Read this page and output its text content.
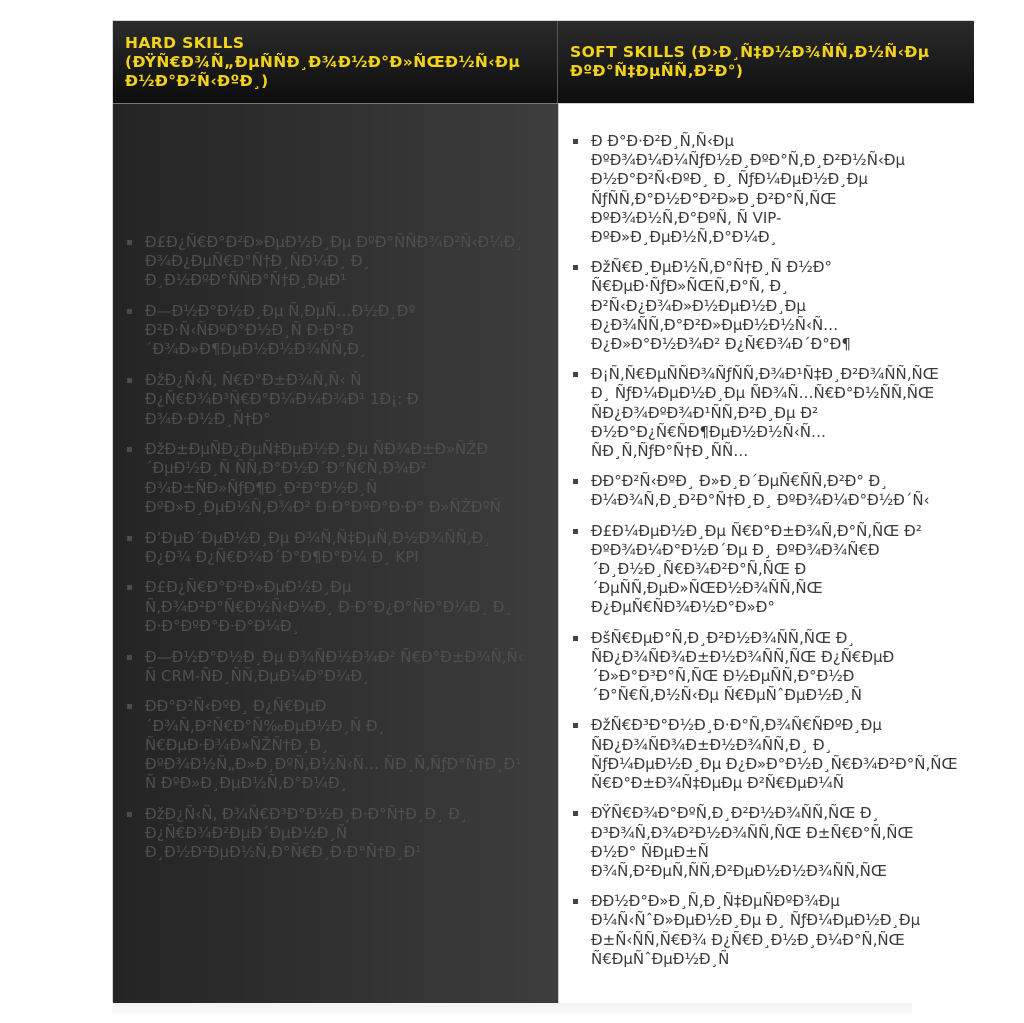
HARD SKILLS (ÐŸÑ€Ð¾Ñ„ÐµÑÑÐ¸Ð¾Ð½Ð°Ð»ÑŒÐ½Ñ‹Ðµ Ð½Ð°Ð²Ñ‹ÐºÐ¸)
SOFT SKILLS (Ð›Ð¸Ñ‡Ð½Ð¾ÑÑ‚Ð½Ñ‹Ðµ ÐºÐ°Ñ‡ÐµÑÑ‚Ð²Ð°)
Ð£Ð¿Ñ€Ð°Ð²Ð»ÐµÐ½Ð¸Ðµ ÐºÐ°ÑÑÐ¾Ð²Ñ‹Ð¼Ð¸ Ð¾Ð¿ÐµÑ€Ð°Ñ†Ð¸ÑÐ¼Ð¸ Ð¸ Ð¸Ð½ÐºÐ°ÑÑÐ°Ñ†Ð¸ÐµÐ¹
Ð—Ð½Ð°Ð½Ð¸Ðµ Ñ‚ÐµÑ…Ð½Ð¸Ðº Ð²Ð·Ñ‹ÑÐºÐ°Ð½Ð¸Ñ Ð·Ð°Ð´Ð¾Ð»Ð¶ÐµÐ½Ð½Ð¾ÑÑ‚Ð¸
ÐžÐ¿Ñ‹Ñ‚ Ñ€Ð°Ð±Ð¾Ñ‚Ñ‹ Ñ Ð¿Ñ€Ð¾Ð³Ñ€Ð°Ð¼Ð¼Ð¾Ð¹ 1Ð¡: Ð Ð¾Ð·Ð½Ð¸Ñ†Ð°
ÐžÐ±ÐµÑÐ¿ÐµÑ‡ÐµÐ½Ð¸Ðµ ÑÐ¾Ð±Ð»ÑŽÐ´ÐµÐ½Ð¸Ñ ÑÑ‚Ð°Ð½Ð´Ð°Ñ€Ñ‚Ð¾Ð² Ð¾Ð±ÑÐ»ÑƒÐ¶Ð¸Ð²Ð°Ð½Ð¸Ñ ÐºÐ»Ð¸ÐµÐ½Ñ‚Ð¾Ð² Ð·Ð°ÐºÐ°Ð·Ð° Ð»ÑŽÐºÑ
Ð’ÐµÐ´ÐµÐ½Ð¸Ðµ Ð¾Ñ‚Ñ‡ÐµÑ‚Ð½Ð¾ÑÑ‚Ð¸ Ð¿Ð¾ Ð¿Ñ€Ð¾Ð´Ð°Ð¶Ð°Ð¼ Ð¸ KPI
Ð£Ð¿Ñ€Ð°Ð²Ð»ÐµÐ½Ð¸Ðµ Ñ‚Ð¾Ð²Ð°Ñ€Ð½Ñ‹Ð¼Ð¸ Ð·Ð°Ð¿Ð°ÑÐ°Ð¼Ð¸ Ð¸ Ð·Ð°ÐºÐ°Ð·Ð°Ð¼Ð¸
Ð—Ð½Ð°Ð½Ð¸Ðµ Ð¾ÑÐ½Ð¾Ð² Ñ€Ð°Ð±Ð¾Ñ‚Ñ‹ Ñ CRM-ÑÐ¸ÑÑ‚ÐµÐ¼Ð°Ð¼Ð¸
ÐÐ°Ð²Ñ‹ÐºÐ¸ Ð¿Ñ€ÐµÐ´Ð¾Ñ‚Ð²Ñ€Ð°Ñ‰ÐµÐ½Ð¸Ñ Ð¸ Ñ€ÐµÐ·Ð¾Ð»ÑŽÑ†Ð¸Ð¸ ÐºÐ¾Ð½Ñ„Ð»Ð¸ÐºÑ‚Ð½Ñ‹Ñ… ÑÐ¸Ñ‚ÑƒÐ°Ñ†Ð¸Ð¹ Ñ ÐºÐ»Ð¸ÐµÐ½Ñ‚Ð°Ð¼Ð¸
ÐžÐ¿Ñ‹Ñ‚ Ð¾Ñ€Ð³Ð°Ð½Ð¸Ð·Ð°Ñ†Ð¸Ð¸ Ð¸ Ð¿Ñ€Ð¾Ð²ÐµÐ´ÐµÐ½Ð¸Ñ Ð¸Ð½Ð²ÐµÐ½Ñ‚Ð°Ñ€Ð¸Ð·Ð°Ñ†Ð¸Ð¹
Ð Ð°Ð·Ð²Ð¸Ñ‚Ñ‹Ðµ ÐºÐ¾Ð¼Ð¼ÑƒÐ½Ð¸ÐºÐ°Ñ‚Ð¸Ð²Ð½Ñ‹Ðµ Ð½Ð°Ð²Ñ‹ÐºÐ¸ Ð¸ ÑƒÐ¼ÐµÐ½Ð¸Ðµ ÑƒÑÑ‚Ð°Ð½Ð°Ð²Ð»Ð¸Ð²Ð°Ñ‚ÑŒ ÐºÐ¾Ð½Ñ‚Ð°ÐºÑ‚ Ñ VIP-ÐºÐ»Ð¸ÐµÐ½Ñ‚Ð°Ð¼Ð¸
ÐžÑ€Ð¸ÐµÐ½Ñ‚Ð°Ñ†Ð¸Ñ Ð½Ð° Ñ€ÐµÐ·ÑƒÐ»ÑŒÑ‚Ð°Ñ‚ Ð¸ Ð²Ñ‹Ð¿Ð¾Ð»Ð½ÐµÐ½Ð¸Ðµ Ð¿Ð¾ÑÑ‚Ð°Ð²Ð»ÐµÐ½Ð½Ñ‹Ñ… Ð¿Ð»Ð°Ð½Ð¾Ð² Ð¿Ñ€Ð¾Ð´Ð°Ð¶
Ð¡Ñ‚Ñ€ÐµÑÑÐ¾ÑƒÑÑ‚Ð¾Ð¹Ñ‡Ð¸Ð²Ð¾ÑÑ‚ÑŒ Ð¸ ÑƒÐ¼ÐµÐ½Ð¸Ðµ ÑÐ¾Ñ…Ñ€Ð°Ð½ÑÑ‚ÑŒ ÑÐ¿Ð¾ÐºÐ¾Ð¹ÑÑ‚Ð²Ð¸Ðµ Ð² Ð½Ð°Ð¿Ñ€ÑÐ¶ÐµÐ½Ð½Ñ‹Ñ… ÑÐ¸Ñ‚ÑƒÐ°Ñ†Ð¸ÑÑ…
ÐÐ°Ð²Ñ‹ÐºÐ¸ Ð»Ð¸Ð´ÐµÑ€ÑÑ‚Ð²Ð° Ð¸ Ð¼Ð¾Ñ‚Ð¸Ð²Ð°Ñ†Ð¸Ð¸ ÐºÐ¾Ð¼Ð°Ð½Ð´Ñ‹
Ð£Ð¼ÐµÐ½Ð¸Ðµ Ñ€Ð°Ð±Ð¾Ñ‚Ð°Ñ‚ÑŒ Ð² ÐºÐ¾Ð¼Ð°Ð½Ð´Ðµ Ð¸ ÐºÐ¾Ð¾Ñ€Ð´Ð¸Ð½Ð¸Ñ€Ð¾Ð²Ð°Ñ‚ÑŒ Ð´ÐµÑÑ‚ÐµÐ»ÑŒÐ½Ð¾ÑÑ‚ÑŒ Ð¿ÐµÑ€ÑÐ¾Ð½Ð°Ð»Ð°
ÐšÑ€ÐµÐ°Ñ‚Ð¸Ð²Ð½Ð¾ÑÑ‚ÑŒ Ð¸ ÑÐ¿Ð¾ÑÐ¾Ð±Ð½Ð¾ÑÑ‚ÑŒ Ð¿Ñ€ÐµÐ´Ð»Ð°Ð³Ð°Ñ‚ÑŒ Ð½ÐµÑÑ‚Ð°Ð½Ð´Ð°Ñ€Ñ‚Ð½Ñ‹Ðµ Ñ€ÐµÑˆÐµÐ½Ð¸Ñ
ÐžÑ€Ð³Ð°Ð½Ð¸Ð·Ð°Ñ‚Ð¾Ñ€ÑÐºÐ¸Ðµ ÑÐ¿Ð¾ÑÐ¾Ð±Ð½Ð¾ÑÑ‚Ð¸ Ð¸ ÑƒÐ¼ÐµÐ½Ð¸Ðµ Ð¿Ð»Ð°Ð½Ð¸Ñ€Ð¾Ð²Ð°Ñ‚ÑŒ Ñ€Ð°Ð±Ð¾Ñ‡ÐµÐµ Ð²Ñ€ÐµÐ¼Ñ
ÐŸÑ€Ð¾Ð°ÐºÑ‚Ð¸Ð²Ð½Ð¾ÑÑ‚ÑŒ Ð¸ Ð³Ð¾Ñ‚Ð¾Ð²Ð½Ð¾ÑÑ‚ÑŒ Ð±Ñ€Ð°Ñ‚ÑŒ Ð½Ð° ÑÐµÐ±Ñ Ð¾Ñ‚Ð²ÐµÑ‚ÑÑ‚Ð²ÐµÐ½Ð½Ð¾ÑÑ‚ÑŒ
ÐÐ½Ð°Ð»Ð¸Ñ‚Ð¸Ñ‡ÐµÑÐºÐ¾Ðµ Ð¼Ñ‹ÑˆÐ»ÐµÐ½Ð¸Ðµ Ð¸ ÑƒÐ¼ÐµÐ½Ð¸Ðµ Ð±Ñ‹ÑÑ‚Ñ€Ð¾ Ð¿Ñ€Ð¸Ð½Ð¸Ð¼Ð°Ñ‚ÑŒ Ñ€ÐµÑˆÐµÐ½Ð¸Ñ
